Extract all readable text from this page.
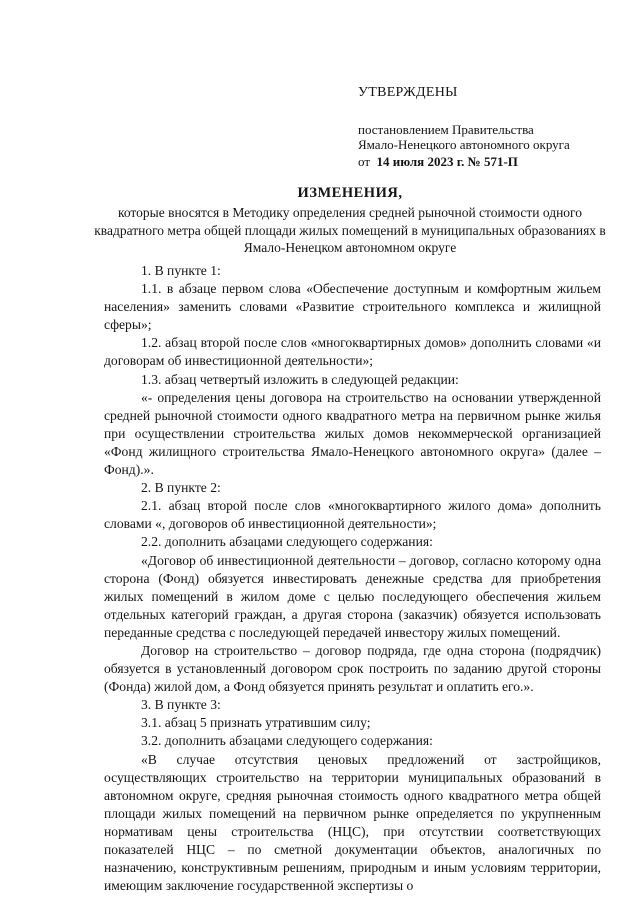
УТВЕРЖДЕНЫ
постановлением Правительства
Ямало-Ненецкого автономного округа
от 14 июля 2023 г. № 571-П
ИЗМЕНЕНИЯ,
которые вносятся в Методику определения средней рыночной стоимости одного квадратного метра общей площади жилых помещений в муниципальных образованиях в Ямало-Ненецком автономном округе

1. В пункте 1:

1.1. в абзаце первом слова «Обеспечение доступным и комфортным жильем населения» заменить словами «Развитие строительного комплекса и жилищной сферы»;

1.2. абзац второй после слов «многоквартирных домов» дополнить словами «и договорам об инвестиционной деятельности»;

1.3. абзац четвертый изложить в следующей редакции:

«- определения цены договора на строительство на основании утвержденной средней рыночной стоимости одного квадратного метра на первичном рынке жилья при осуществлении строительства жилых домов некоммерческой организацией «Фонд жилищного строительства Ямало-Ненецкого автономного округа» (далее – Фонд).».

2. В пункте 2:

2.1. абзац второй после слов «многоквартирного жилого дома» дополнить словами «, договоров об инвестиционной деятельности»;

2.2. дополнить абзацами следующего содержания:

«Договор об инвестиционной деятельности – договор, согласно которому одна сторона (Фонд) обязуется инвестировать денежные средства для приобретения жилых помещений в жилом доме с целью последующего обеспечения жильем отдельных категорий граждан, а другая сторона (заказчик) обязуется использовать переданные средства с последующей передачей инвестору жилых помещений.

Договор на строительство – договор подряда, где одна сторона (подрядчик) обязуется в установленный договором срок построить по заданию другой стороны (Фонда) жилой дом, а Фонд обязуется принять результат и оплатить его.».

3. В пункте 3:

3.1. абзац 5 признать утратившим силу;

3.2. дополнить абзацами следующего содержания:

«В случае отсутствия ценовых предложений от застройщиков, осуществляющих строительство на территории муниципальных образований в автономном округе, средняя рыночная стоимость одного квадратного метра общей площади жилых помещений на первичном рынке определяется по укрупненным нормативам цены строительства (НЦС), при отсутствии соответствующих показателей НЦС – по сметной документации объектов, аналогичных по назначению, конструктивным решениям, природным и иным условиям территории, имеющим заключение государственной экспертизы о
